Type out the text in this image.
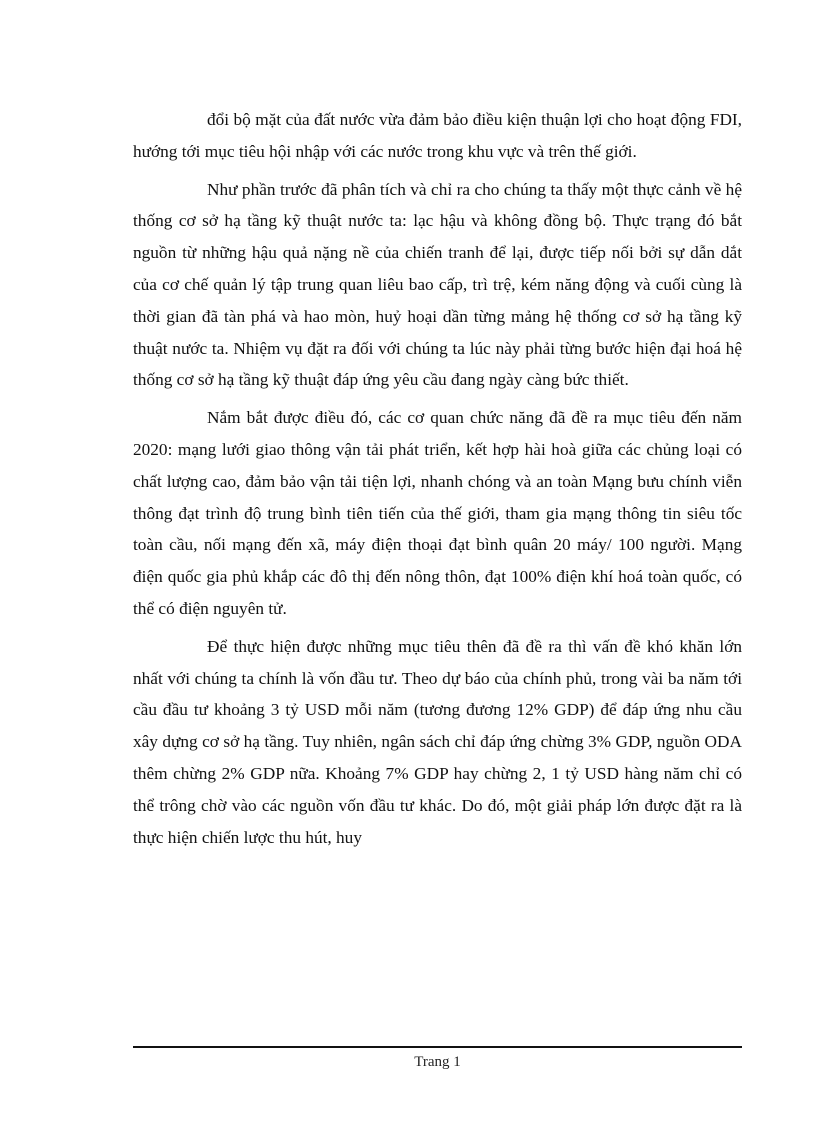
đổi bộ mặt của đất nước vừa đảm bảo điều kiện thuận lợi cho hoạt động FDI, hướng tới mục tiêu hội nhập với các nước trong khu vực và trên thế giới.

Như phần trước đã phân tích và chỉ ra cho chúng ta thấy một thực cảnh về hệ thống cơ sở hạ tầng kỹ thuật nước ta: lạc hậu và không đồng bộ. Thực trạng đó bắt nguồn từ những hậu quả nặng nề của chiến tranh để lại, được tiếp nối bởi sự dẫn dắt của cơ chế quản lý tập trung quan liêu bao cấp, trì trệ, kém năng động và cuối cùng là thời gian đã tàn phá và hao mòn, huỷ hoại dần từng mảng hệ thống cơ sở hạ tầng kỹ thuật nước ta. Nhiệm vụ đặt ra đối với chúng ta lúc này phải từng bước hiện đại hoá hệ thống cơ sở hạ tầng kỹ thuật đáp ứng yêu cầu đang ngày càng bức thiết.

Nắm bắt được điều đó, các cơ quan chức năng đã đề ra mục tiêu đến năm 2020: mạng lưới giao thông vận tải phát triển, kết hợp hài hoà giữa các chủng loại có chất lượng cao, đảm bảo vận tải tiện lợi, nhanh chóng và an toàn Mạng bưu chính viễn thông đạt trình độ trung bình tiên tiến của thế giới, tham gia mạng thông tin siêu tốc toàn cầu, nối mạng đến xã, máy điện thoại đạt bình quân 20 máy/ 100 người. Mạng điện quốc gia phủ khắp các đô thị đến nông thôn, đạt 100% điện khí hoá toàn quốc, có thể có điện nguyên tử.

Để thực hiện được những mục tiêu thên đã đề ra thì vấn đề khó khăn lớn nhất với chúng ta chính là vốn đầu tư. Theo dự báo của chính phủ, trong vài ba năm tới cầu đầu tư khoảng 3 tỷ USD mỗi năm (tương đương 12% GDP) để đáp ứng nhu cầu xây dựng cơ sở hạ tầng. Tuy nhiên, ngân sách chỉ đáp ứng chừng 3% GDP, nguồn ODA thêm chừng 2% GDP nữa. Khoảng 7% GDP hay chừng 2, 1 tỷ USD hàng năm chỉ có thể trông chờ vào các nguồn vốn đầu tư khác. Do đó, một giải pháp lớn được đặt ra là thực hiện chiến lược thu hút, huy

Trang 1
